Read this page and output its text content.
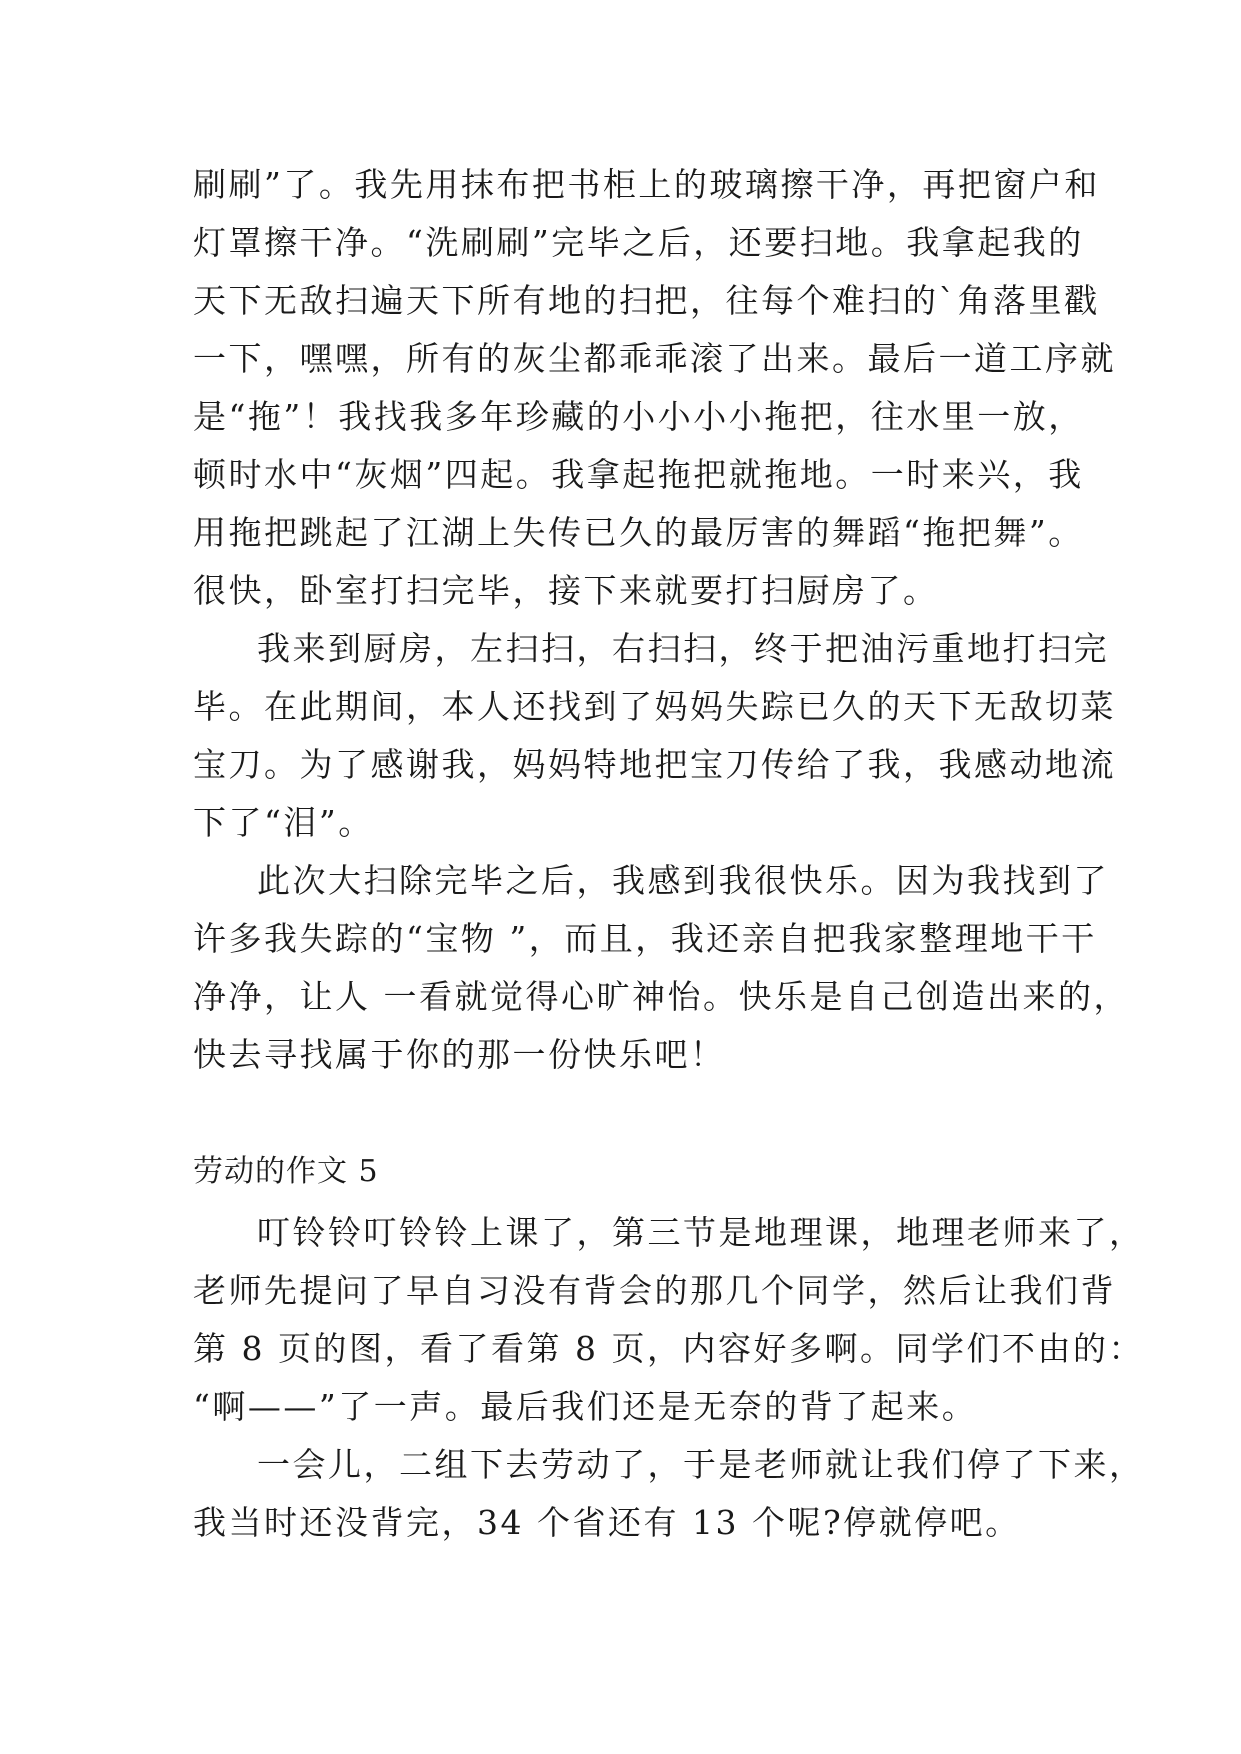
刷刷”了。我先用抹布把书柜上的玻璃擦干净，再把窗户和
灯罩擦干净。“洗刷刷”完毕之后，还要扫地。我拿起我的
天下无敌扫遍天下所有地的扫把，往每个难扫的`角落里戳
一下，嘿嘿，所有的灰尘都乖乖滚了出来。最后一道工序就
是“拖”！我找我多年珍藏的小小小小拖把，往水里一放，
顿时水中“灰烟”四起。我拿起拖把就拖地。一时来兴，我
用拖把跳起了江湖上失传已久的最厉害的舞蹈“拖把舞”。
很快，卧室打扫完毕，接下来就要打扫厨房了。
我来到厨房，左扫扫，右扫扫，终于把油污重地打扫完
毕。在此期间，本人还找到了妈妈失踪已久的天下无敌切菜
宝刀。为了感谢我，妈妈特地把宝刀传给了我，我感动地流
下了“泪”。
此次大扫除完毕之后，我感到我很快乐。因为我找到了
许多我失踪的“宝物 ”，而且，我还亲自把我家整理地干干
净净，让人 一看就觉得心旷神怡。快乐是自己创造出来的，
快去寻找属于你的那一份快乐吧！
劳动的作文 5
叮铃铃叮铃铃上课了，第三节是地理课，地理老师来了，
老师先提问了早自习没有背会的那几个同学，然后让我们背
第 8 页的图，看了看第 8 页，内容好多啊。同学们不由的：
“啊——”了一声。最后我们还是无奈的背了起来。
一会儿，二组下去劳动了，于是老师就让我们停了下来，
我当时还没背完，34 个省还有 13 个呢?停就停吧。
